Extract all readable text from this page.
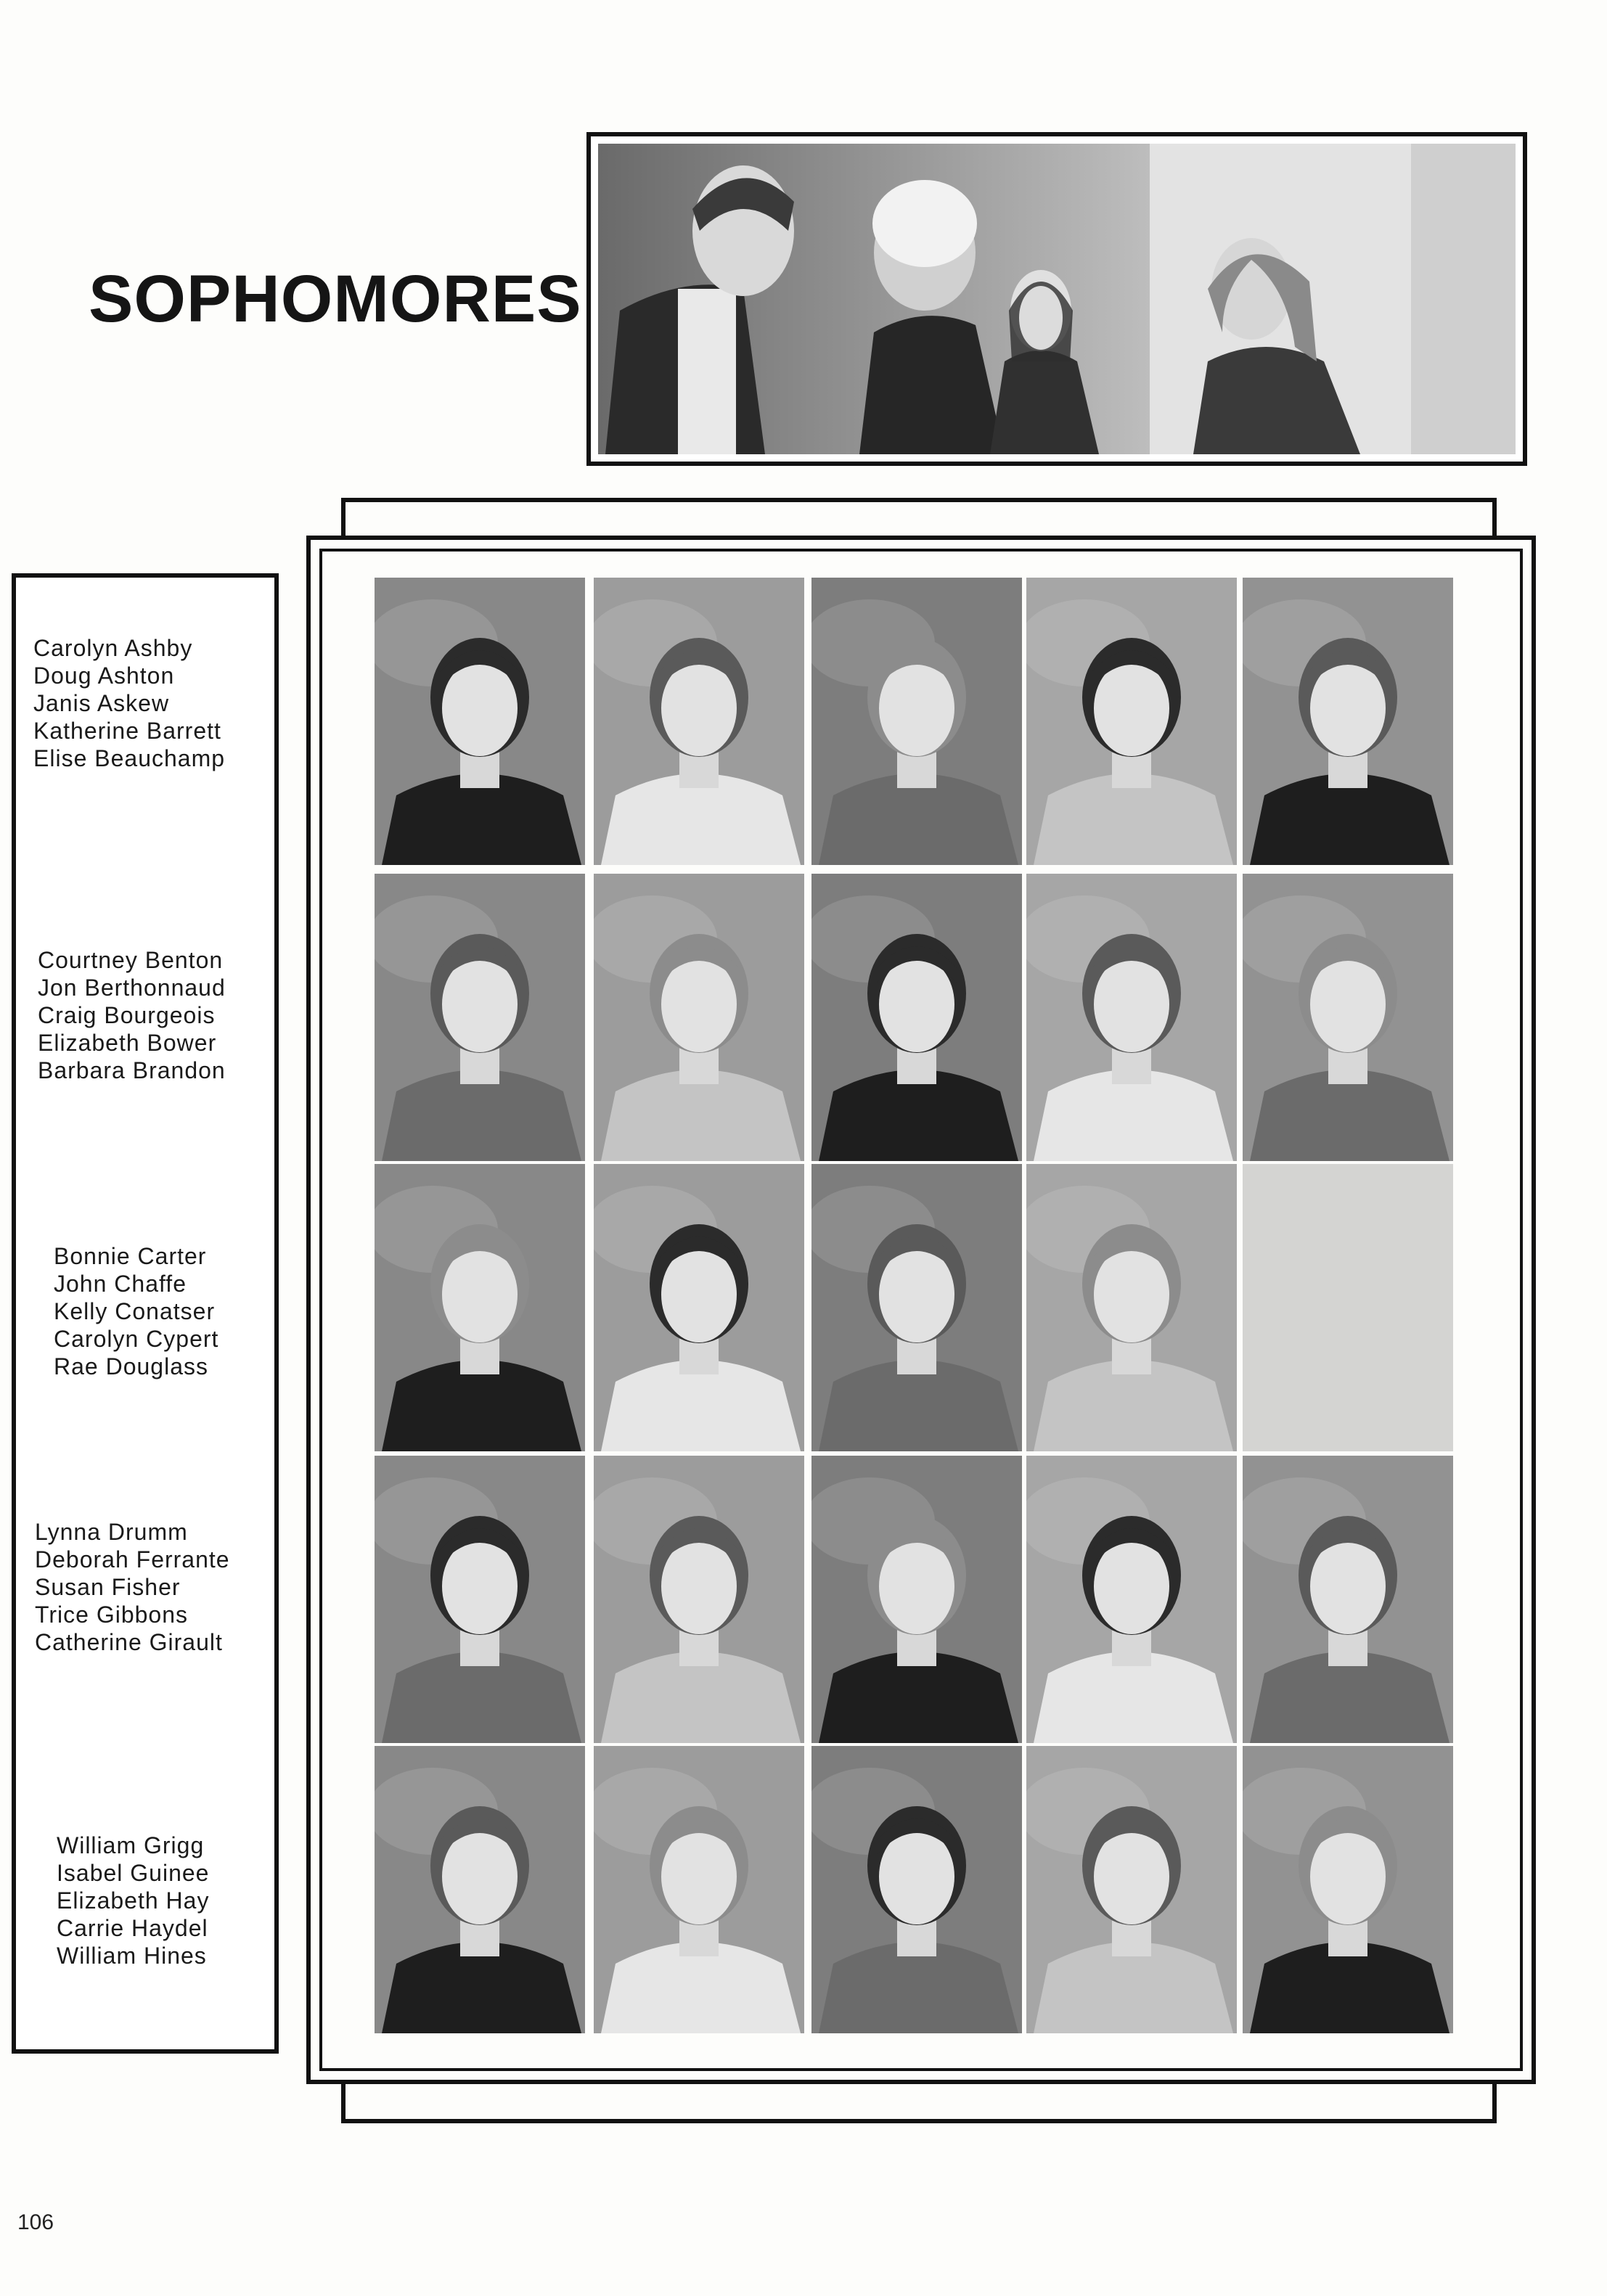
SOPHOMORES
Carolyn Ashby
Doug Ashton
Janis Askew
Katherine Barrett
Elise Beauchamp
Courtney Benton
Jon Berthonnaud
Craig Bourgeois
Elizabeth Bower
Barbara Brandon
Bonnie Carter
John Chaffe
Kelly Conatser
Carolyn Cypert
Rae Douglass
Lynna Drumm
Deborah Ferrante
Susan Fisher
Trice Gibbons
Catherine Girault
William Grigg
Isabel Guinee
Elizabeth Hay
Carrie Haydel
William Hines
106
